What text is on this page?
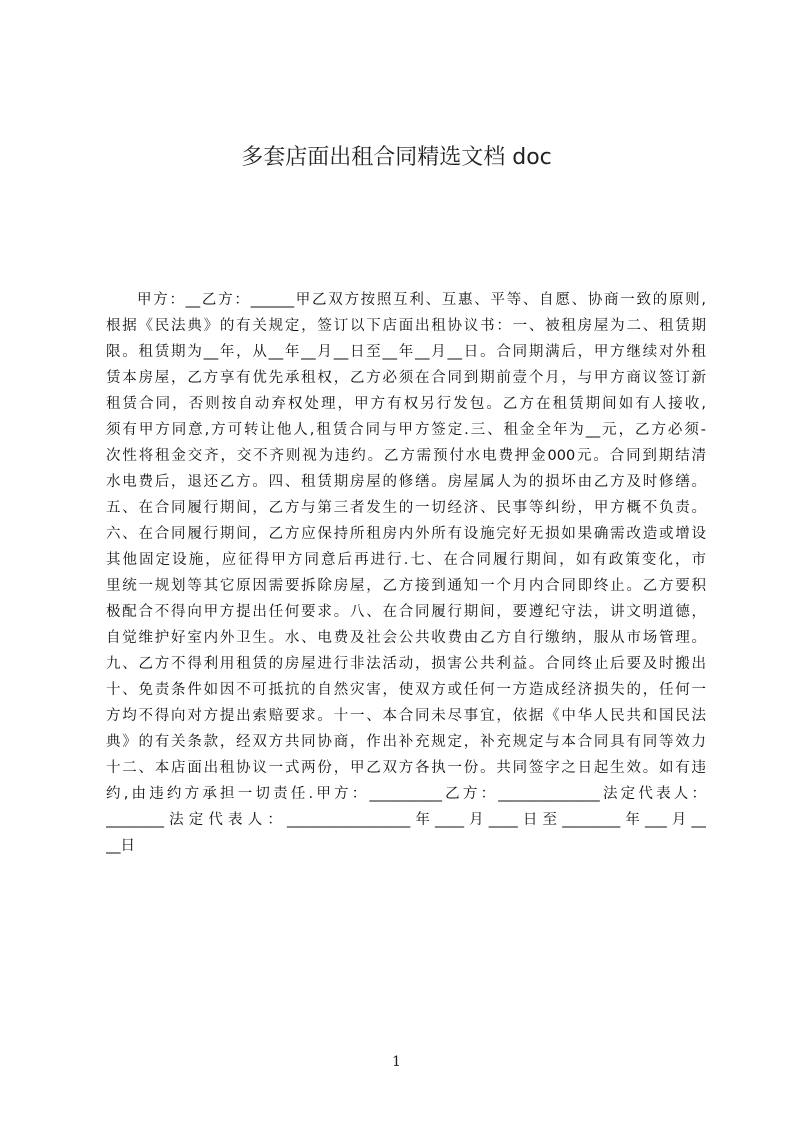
多套店面出租合同精选文档 doc
甲方：__乙方：______甲乙双方按照互利、互惠、平等、自愿、协商一致的原则,
根据《民法典》的有关规定，签订以下店面出租协议书：一、被租房屋为二、租赁期
限。租赁期为__年，从__年__月__日至__年__月__日。合同期满后，甲方继续对外租
赁本房屋，乙方享有优先承租权，乙方必须在合同到期前壹个月，与甲方商议签订新
租赁合同，否则按自动弃权处理，甲方有权另行发包。乙方在租赁期间如有人接收,
须有甲方同意,方可转让他人,租赁合同与甲方签定.三、租金全年为__元，乙方必须-
次性将租金交齐，交不齐则视为违约。乙方需预付水电费押金000元。合同到期结清
水电费后，退还乙方。四、租赁期房屋的修缮。房屋属人为的损坏由乙方及时修缮。
五、在合同履行期间，乙方与第三者发生的一切经济、民事等纠纷，甲方概不负责。
六、在合同履行期间，乙方应保持所租房内外所有设施完好无损如果确需改造或增设
其他固定设施，应征得甲方同意后再进行.七、在合同履行期间，如有政策变化，市
里统一规划等其它原因需要拆除房屋，乙方接到通知一个月内合同即终止。乙方要积
极配合不得向甲方提出任何要求。八、在合同履行期间，要遵纪守法，讲文明道德，
自觉维护好室内外卫生。水、电费及社会公共收费由乙方自行缴纳，服从市场管理。
九、乙方不得利用租赁的房屋进行非法活动，损害公共利益。合同终止后要及时搬出
十、免责条件如因不可抵抗的自然灾害，使双方或任何一方造成经济损失的，任何一
方均不得向对方提出索赔要求。十一、本合同未尽事宜，依据《中华人民共和国民法
典》的有关条款，经双方共同协商，作出补充规定，补充规定与本合同具有同等效力
十二、本店面出租协议一式两份，甲乙双方各执一份。共同签字之日起生效。如有违
约,由违约方承担一切责任.甲方：__________乙方：______________法定代表人：
________法定代表人：_________________年____月____日至________年___月__
__日
1
